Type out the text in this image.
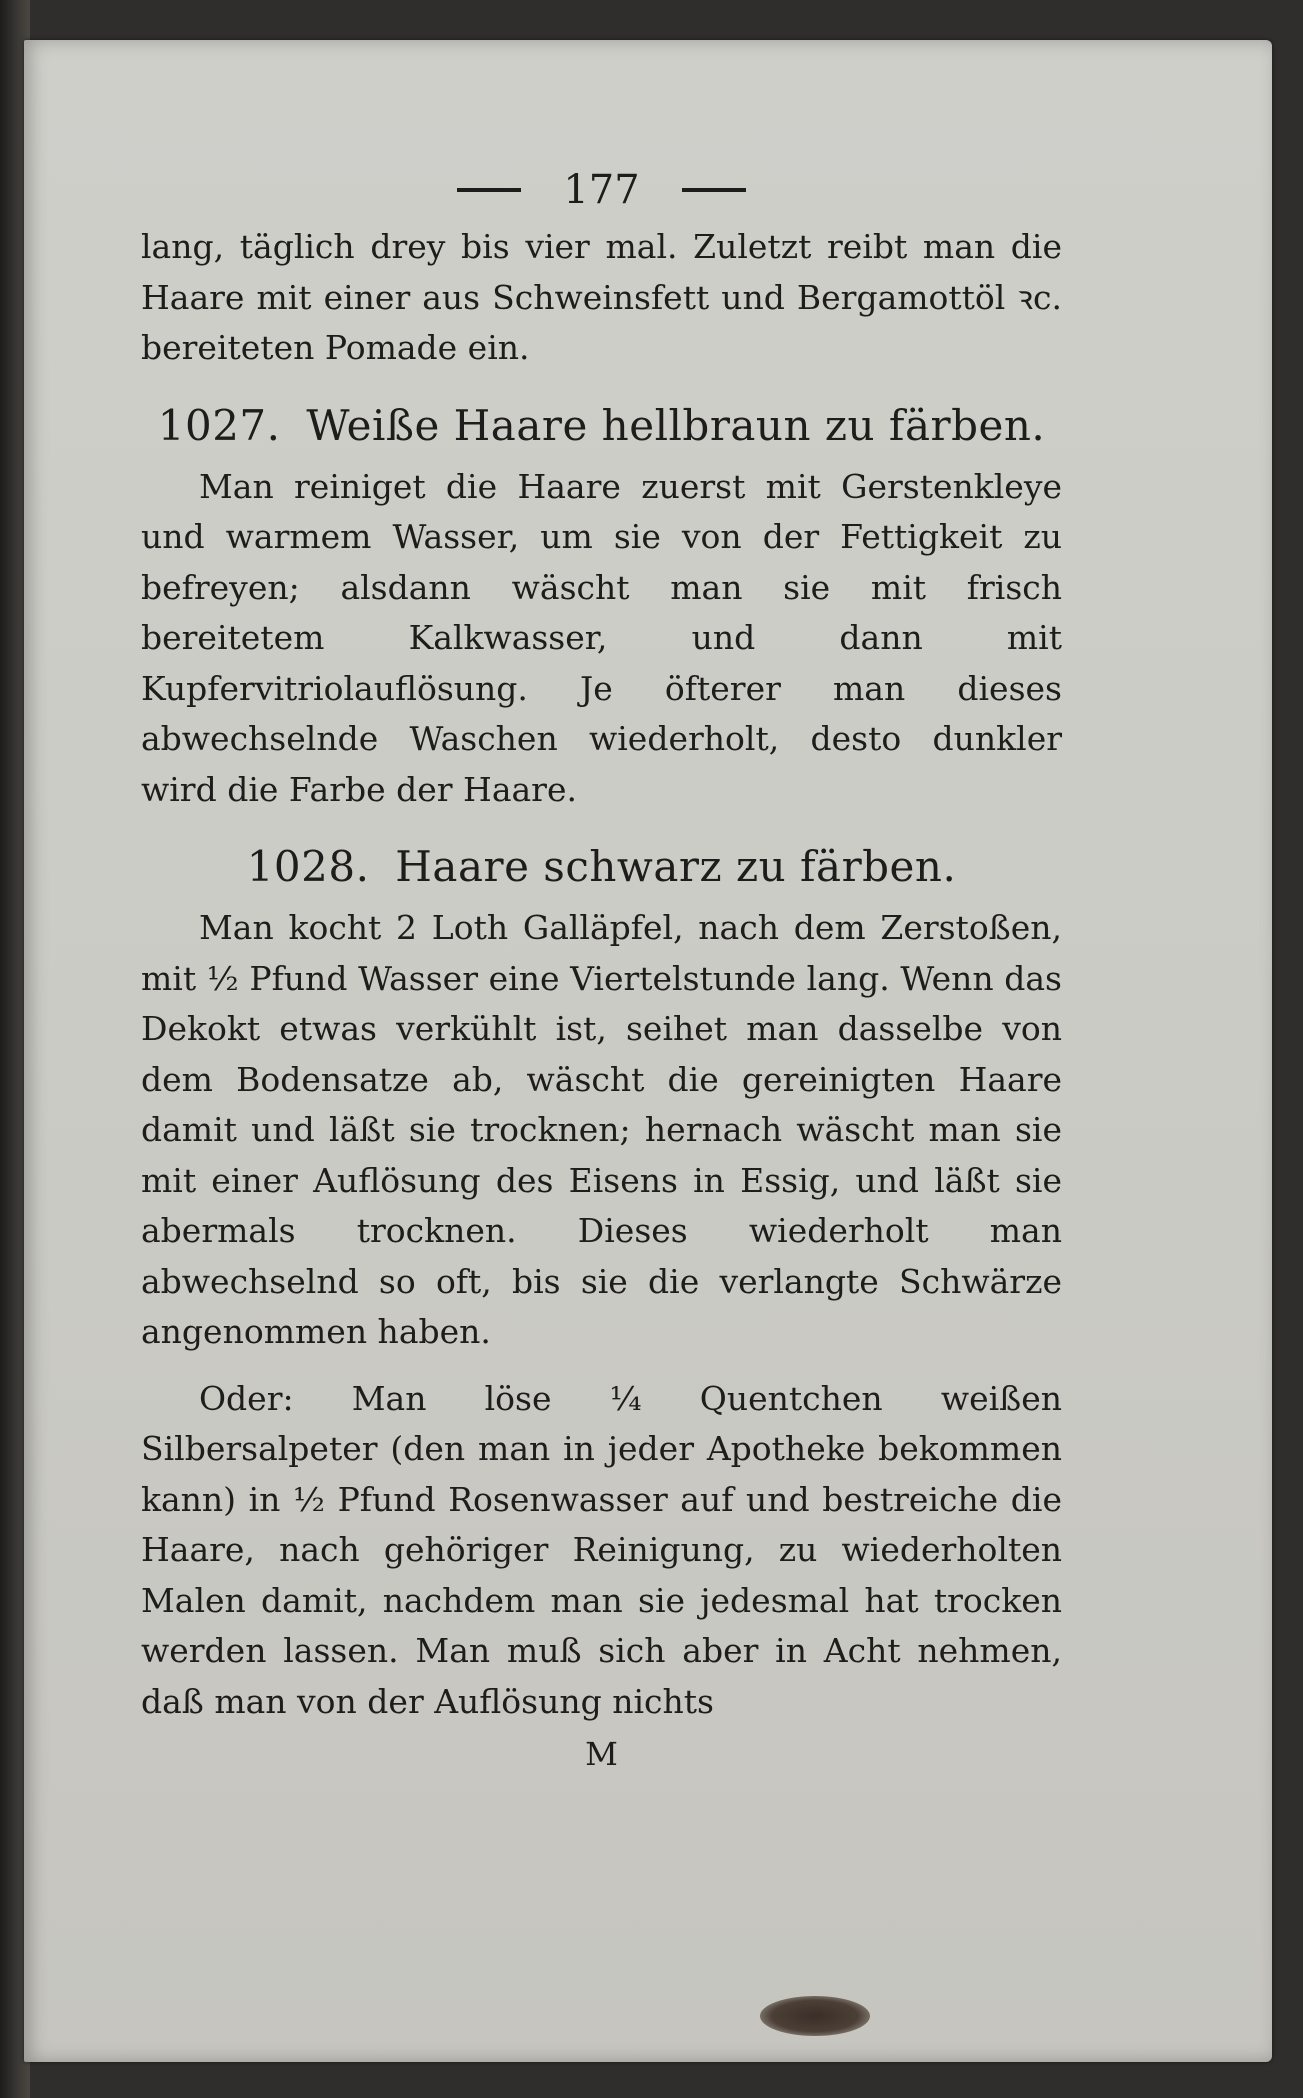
177

lang, täglich drey bis vier mal. Zuletzt reibt man die Haare mit einer aus Schweinsfett und Bergamottöl ꝛc. bereiteten Pomade ein.

1027. Weiße Haare hellbraun zu färben.

Man reiniget die Haare zuerst mit Gerstenkleye und warmem Wasser, um sie von der Fettigkeit zu befreyen; alsdann wäscht man sie mit frisch bereitetem Kalkwasser, und dann mit Kupfervitriolauflösung. Je öfterer man dieses abwechselnde Waschen wiederholt, desto dunkler wird die Farbe der Haare.

1028. Haare schwarz zu färben.

Man kocht 2 Loth Galläpfel, nach dem Zerstoßen, mit ½ Pfund Wasser eine Viertelstunde lang. Wenn das Dekokt etwas verkühlt ist, seihet man dasselbe von dem Bodensatze ab, wäscht die gereinigten Haare damit und läßt sie trocknen; hernach wäscht man sie mit einer Auflösung des Eisens in Essig, und läßt sie abermals trocknen. Dieses wiederholt man abwechselnd so oft, bis sie die verlangte Schwärze angenommen haben.

Oder: Man löse ¼ Quentchen weißen Silbersalpeter (den man in jeder Apotheke bekommen kann) in ½ Pfund Rosenwasser auf und bestreiche die Haare, nach gehöriger Reinigung, zu wiederholten Malen damit, nachdem man sie jedesmal hat trocken werden lassen. Man muß sich aber in Acht nehmen, daß man von der Auflösung nichts

M
